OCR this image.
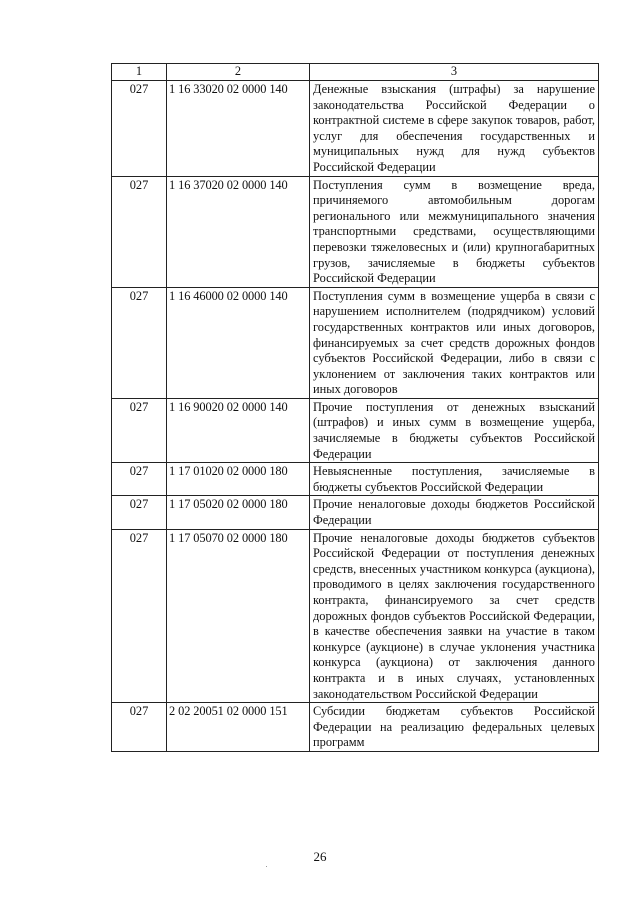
1	2	3
027	1 16 33020 02 0000 140	Денежные взыскания (штрафы) за нарушение законодательства Российской Федерации о контрактной системе в сфере закупок товаров, работ, услуг для обеспечения государственных и муниципальных нужд для нужд субъектов Российской Федерации
027	1 16 37020 02 0000 140	Поступления сумм в возмещение вреда, причиняемого автомобильным дорогам регионального или межмуниципального значения транспортными средствами, осуществляющими перевозки тяжеловесных и (или) крупногабаритных грузов, зачисляемые в бюджеты субъектов Российской Федерации
027	1 16 46000 02 0000 140	Поступления сумм в возмещение ущерба в связи с нарушением исполнителем (подрядчиком) условий государственных контрактов или иных договоров, финансируемых за счет средств дорожных фондов субъектов Российской Федерации, либо в связи с уклонением от заключения таких контрактов или иных договоров
027	1 16 90020 02 0000 140	Прочие поступления от денежных взысканий (штрафов) и иных сумм в возмещение ущерба, зачисляемые в бюджеты субъектов Российской Федерации
027	1 17 01020 02 0000 180	Невыясненные поступления, зачисляемые в бюджеты субъектов Российской Федерации
027	1 17 05020 02 0000 180	Прочие неналоговые доходы бюджетов Российской Федерации
027	1 17 05070 02 0000 180	Прочие неналоговые доходы бюджетов субъектов Российской Федерации от поступления денежных средств, внесенных участником конкурса (аукциона), проводимого в целях заключения государственного контракта, финансируемого за счет средств дорожных фондов субъектов Российской Федерации, в качестве обеспечения заявки на участие в таком конкурсе (аукционе) в случае уклонения участника конкурса (аукциона) от заключения данного контракта и в иных случаях, установленных законодательством Российской Федерации
027	2 02 20051 02 0000 151	Субсидии бюджетам субъектов Российской Федерации на реализацию федеральных целевых программ
26
